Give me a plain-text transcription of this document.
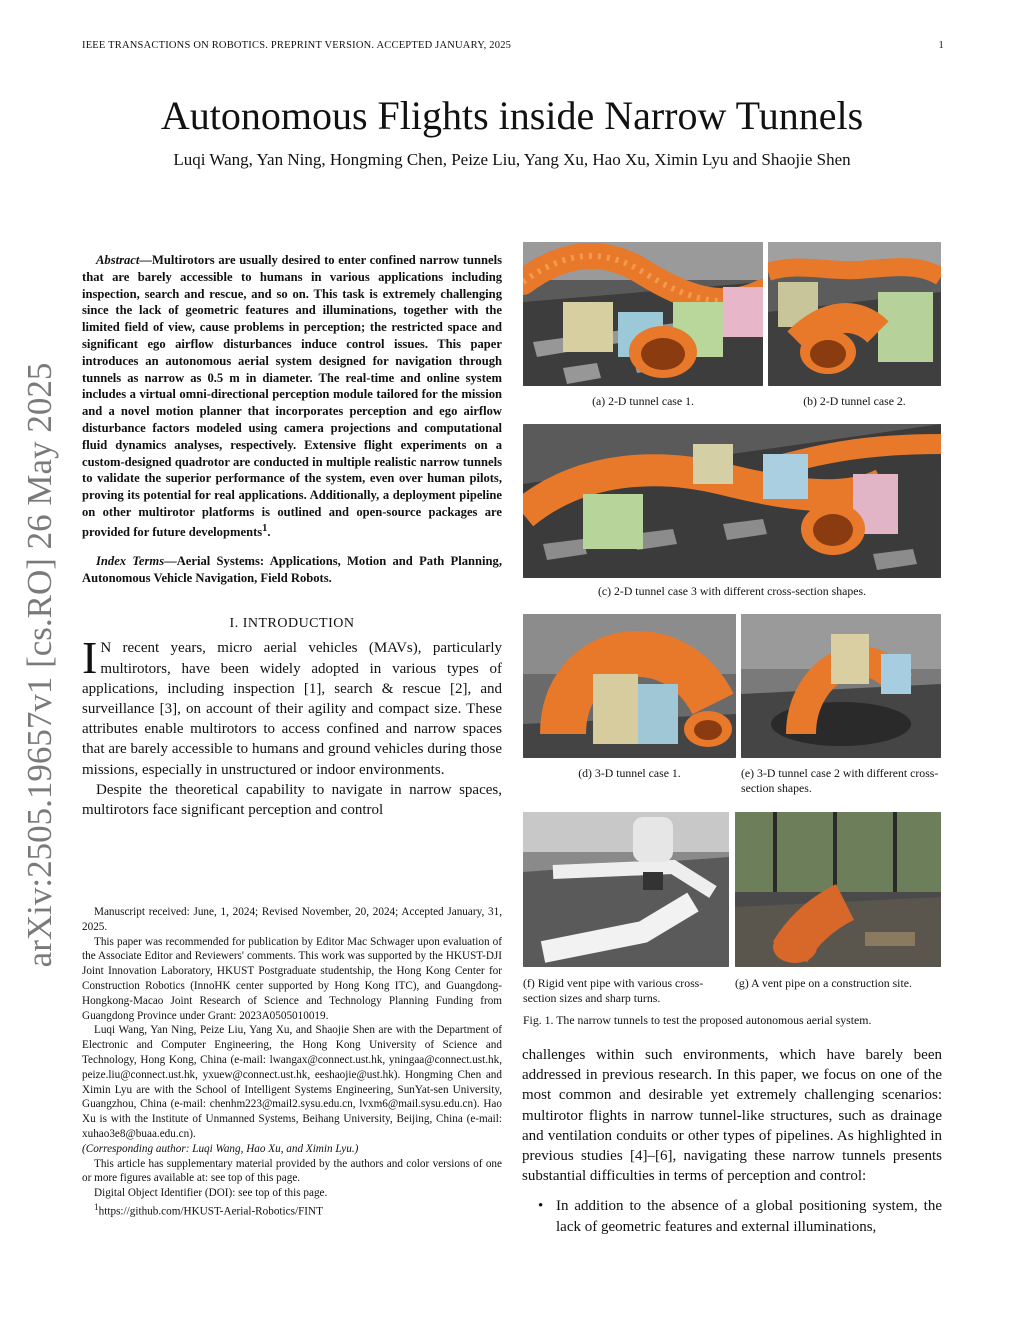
IEEE TRANSACTIONS ON ROBOTICS. PREPRINT VERSION. ACCEPTED JANUARY, 2025	1
arXiv:2505.19657v1 [cs.RO] 26 May 2025
Autonomous Flights inside Narrow Tunnels
Luqi Wang, Yan Ning, Hongming Chen, Peize Liu, Yang Xu, Hao Xu, Ximin Lyu and Shaojie Shen

Abstract—Multirotors are usually desired to enter confined narrow tunnels that are barely accessible to humans in various applications including inspection, search and rescue, and so on. This task is extremely challenging since the lack of geometric features and illuminations, together with the limited field of view, cause problems in perception; the restricted space and significant ego airflow disturbances induce control issues. This paper introduces an autonomous aerial system designed for navigation through tunnels as narrow as 0.5 m in diameter. The real-time and online system includes a virtual omni-directional perception module tailored for the mission and a novel motion planner that incorporates perception and ego airflow disturbance factors modeled using camera projections and computational fluid dynamics analyses, respectively. Extensive flight experiments on a custom-designed quadrotor are conducted in multiple realistic narrow tunnels to validate the superior performance of the system, even over human pilots, proving its potential for real applications. Additionally, a deployment pipeline on other multirotor platforms is outlined and open-source packages are provided for future developments$^1$.

Index Terms—Aerial Systems: Applications, Motion and Path Planning, Autonomous Vehicle Navigation, Field Robots.

I. INTRODUCTION

I N recent years, micro aerial vehicles (MAVs), particularly multirotors, have been widely adopted in various types of applications, including inspection [1], search & rescue [2], and surveillance [3], on account of their agility and compact size. These attributes enable multirotors to access confined and narrow spaces that are barely accessible to humans and ground vehicles during those missions, especially in unstructured or indoor environments.

Despite the theoretical capability to navigate in narrow spaces, multirotors face significant perception and control

Manuscript received: June, 1, 2024; Revised November, 20, 2024; Accepted January, 31, 2025.

This paper was recommended for publication by Editor Mac Schwager upon evaluation of the Associate Editor and Reviewers' comments. This work was supported by the HKUST-DJI Joint Innovation Laboratory, HKUST Postgraduate studentship, the Hong Kong Center for Construction Robotics (InnoHK center supported by Hong Kong ITC), and Guangdong-Hongkong-Macao Joint Research of Science and Technology Planning Funding from Guangdong Province under Grant: 2023A0505010019.

Luqi Wang, Yan Ning, Peize Liu, Yang Xu, and Shaojie Shen are with the Department of Electronic and Computer Engineering, the Hong Kong University of Science and Technology, Hong Kong, China (e-mail: lwangax@connect.ust.hk, yningaa@connect.ust.hk, peize.liu@connect.ust.hk, yxuew@connect.ust.hk, eeshaojie@ust.hk). Hongming Chen and Ximin Lyu are with the School of Intelligent Systems Engineering, SunYat-sen University, Guangzhou, China (e-mail: chenhm223@mail2.sysu.edu.cn, lvxm6@mail.sysu.edu.cn). Hao Xu is with the Institute of Unmanned Systems, Beihang University, Beijing, China (e-mail: xuhao3e8@buaa.edu.cn).
(Corresponding author: Luqi Wang, Hao Xu, and Ximin Lyu.)

This article has supplementary material provided by the authors and color versions of one or more figures available at: see top of this page.

Digital Object Identifier (DOI): see top of this page.

$^1$https://github.com/HKUST-Aerial-Robotics/FINT

(a) 2-D tunnel case 1.	(b) 2-D tunnel case 2.
(c) 2-D tunnel case 3 with different cross-section shapes.
(d) 3-D tunnel case 1.	(e) 3-D tunnel case 2 with different cross-section shapes.
(f) Rigid vent pipe with various cross-section sizes and sharp turns.
(g) A vent pipe on a construction site.
Fig. 1. The narrow tunnels to test the proposed autonomous aerial system.

challenges within such environments, which have barely been addressed in previous research. In this paper, we focus on one of the most common and desirable yet extremely challenging scenarios: multirotor flights in narrow tunnel-like structures, such as drainage and ventilation conduits or other types of pipelines. As highlighted in previous studies [4]–[6], navigating these narrow tunnels presents substantial difficulties in terms of perception and control:

• In addition to the absence of a global positioning system, the lack of geometric features and external illuminations,
